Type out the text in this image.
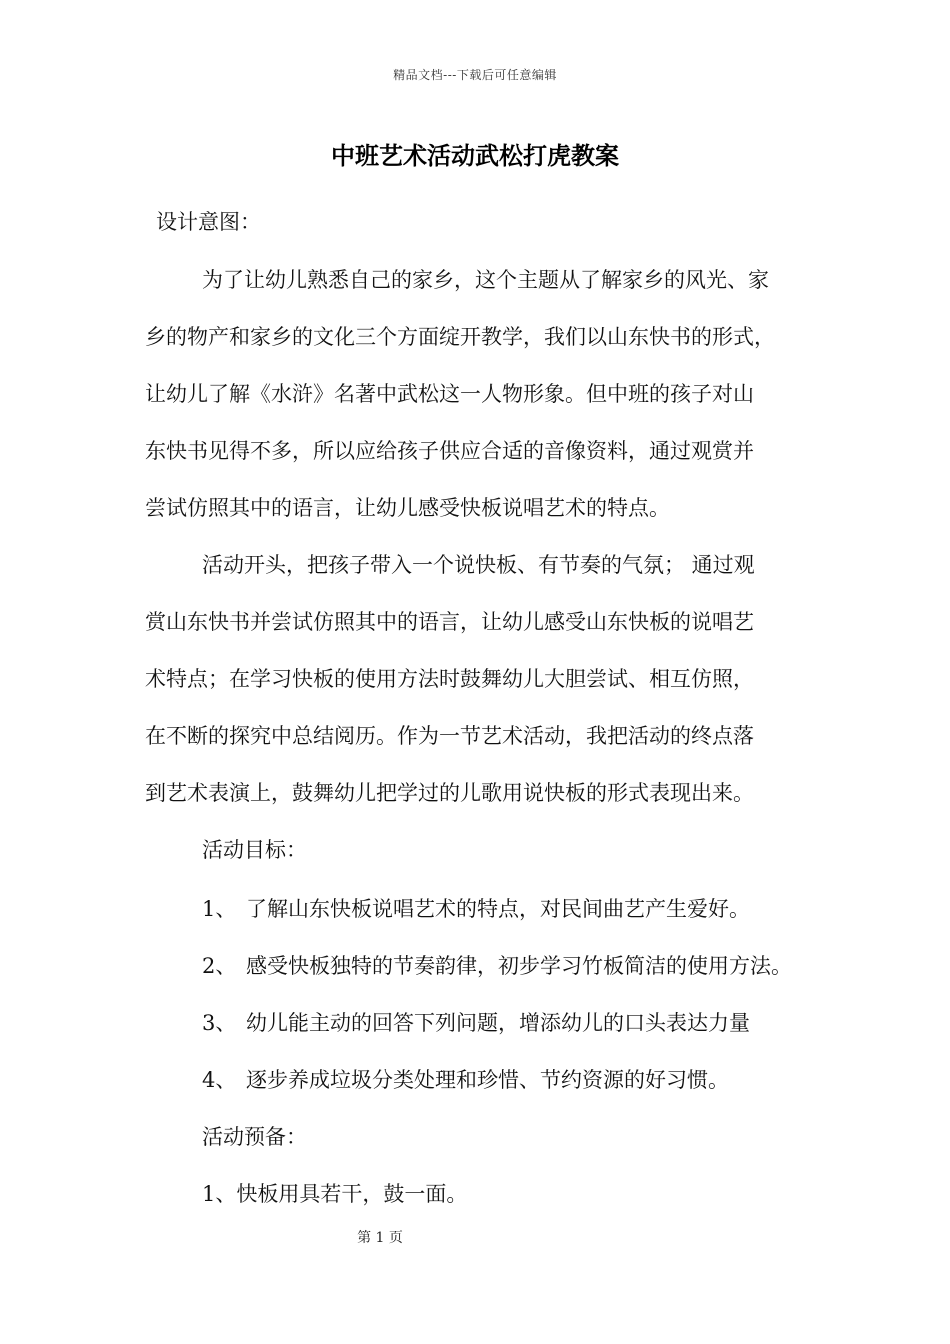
精品文档---下载后可任意编辑
中班艺术活动武松打虎教案
设计意图：
为了让幼儿熟悉自己的家乡，这个主题从了解家乡的风光、家
乡的物产和家乡的文化三个方面绽开教学，我们以山东快书的形式，
让幼儿了解《水浒》名著中武松这一人物形象。但中班的孩子对山
东快书见得不多，所以应给孩子供应合适的音像资料，通过观赏并
尝试仿照其中的语言，让幼儿感受快板说唱艺术的特点。
活动开头，把孩子带入一个说快板、有节奏的气氛； 通过观
赏山东快书并尝试仿照其中的语言，让幼儿感受山东快板的说唱艺
术特点；在学习快板的使用方法时鼓舞幼儿大胆尝试、相互仿照，
在不断的探究中总结阅历。作为一节艺术活动，我把活动的终点落
到艺术表演上，鼓舞幼儿把学过的儿歌用说快板的形式表现出来。
活动目标：
1、 了解山东快板说唱艺术的特点，对民间曲艺产生爱好。
2、 感受快板独特的节奏韵律，初步学习竹板简洁的使用方法。
3、 幼儿能主动的回答下列问题，增添幼儿的口头表达力量
4、 逐步养成垃圾分类处理和珍惜、节约资源的好习惯。
活动预备：
1、快板用具若干，鼓一面。
第 1 页
